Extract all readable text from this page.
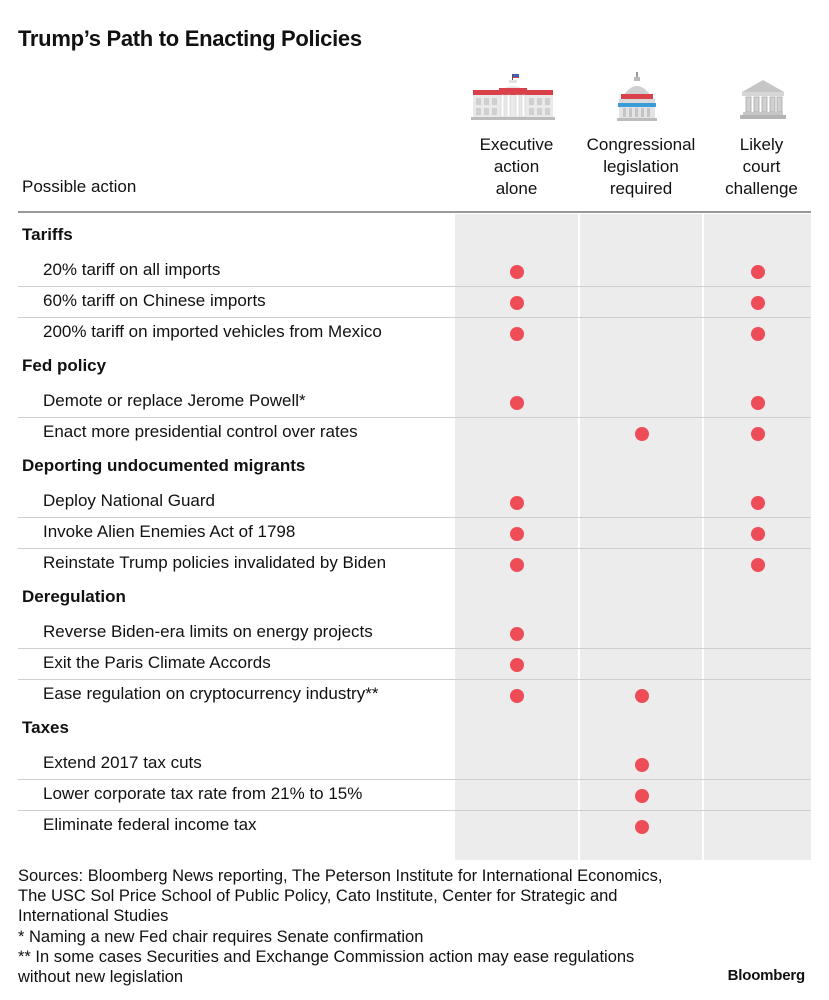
Trump’s Path to Enacting Policies
Executive
action
alone
Congressional
legislation
required
Likely
court
challenge
Possible action
Tariffs
20% tariff on all imports
60% tariff on Chinese imports
200% tariff on imported vehicles from Mexico
Fed policy
Demote or replace Jerome Powell*
Enact more presidential control over rates
Deporting undocumented migrants
Deploy National Guard
Invoke Alien Enemies Act of 1798
Reinstate Trump policies invalidated by Biden
Deregulation
Reverse Biden-era limits on energy projects
Exit the Paris Climate Accords
Ease regulation on cryptocurrency industry**
Taxes
Extend 2017 tax cuts
Lower corporate tax rate from 21% to 15%
Eliminate federal income tax
Sources: Bloomberg News reporting, The Peterson Institute for International Economics, The USC Sol Price School of Public Policy, Cato Institute, Center for Strategic and International Studies
* Naming a new Fed chair requires Senate confirmation
** In some cases Securities and Exchange Commission action may ease regulations without new legislation	Bloomberg
